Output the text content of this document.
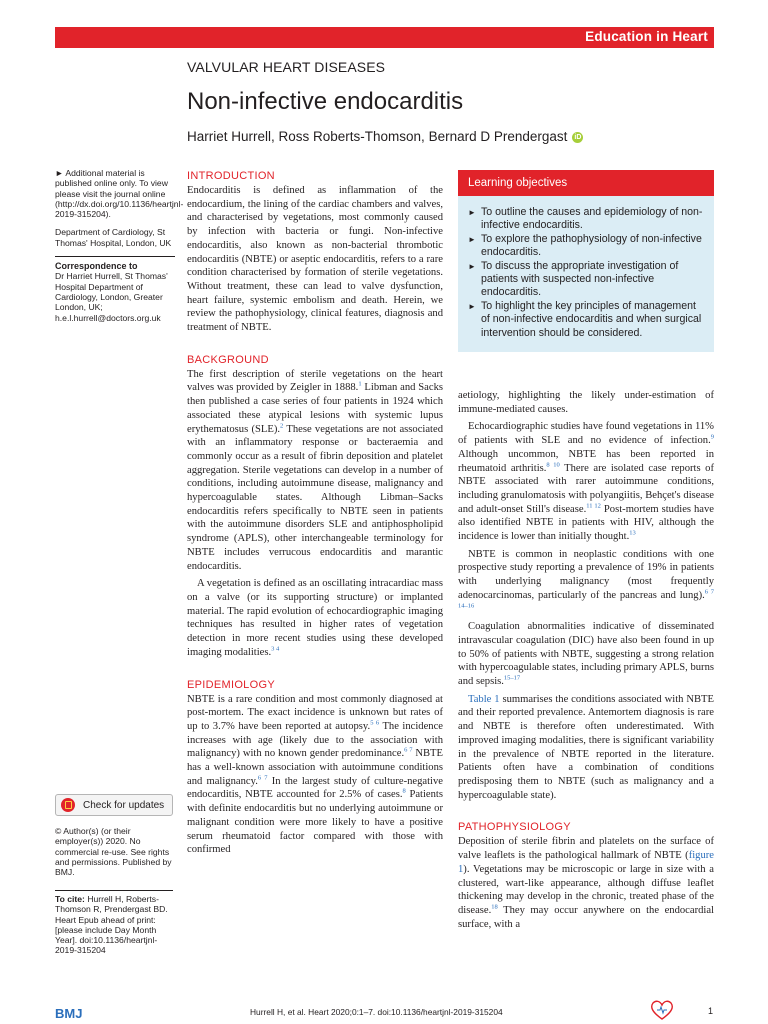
Education in Heart
VALVULAR HEART DISEASES
Non-infective endocarditis
Harriet Hurrell, Ross Roberts-Thomson, Bernard D Prendergast iD

► Additional material is published online only. To view please visit the journal online (http://dx.doi.org/10.1136/heartjnl-2019-315204).

Department of Cardiology, St Thomas' Hospital, London, UK

Correspondence to

Dr Harriet Hurrell, St Thomas' Hospital Department of Cardiology, London, Greater London, UK; h.e.l.hurrell@doctors.org.uk

Check for updates
© Author(s) (or their employer(s)) 2020. No commercial re-use. See rights and permissions. Published by BMJ.
To cite: Hurrell H, Roberts-Thomson R, Prendergast BD. Heart Epub ahead of print: [please include Day Month Year]. doi:10.1136/heartjnl-2019-315204
INTRODUCTION

Endocarditis is defined as inflammation of the endocardium, the lining of the cardiac chambers and valves, and characterised by vegetations, most commonly caused by infection with bacteria or fungi. Non-infective endocarditis, also known as non-bacterial thrombotic endocarditis (NBTE) or aseptic endocarditis, refers to a rare condition characterised by formation of sterile vegetations. Without treatment, these can lead to valve dysfunction, heart failure, systemic embolism and death. Herein, we review the pathophysiology, clinical features, diagnosis and treatment of NBTE.

BACKGROUND

The first description of sterile vegetations on the heart valves was provided by Zeigler in 1888.$^1$ Libman and Sacks then published a case series of four patients in 1924 which associated these atypical lesions with systemic lupus erythematosus (SLE).$^2$ These vegetations are not associated with an inflammatory response or bacteraemia and commonly occur as a result of fibrin deposition and platelet aggregation. Sterile vegetations can develop in a number of conditions, including autoimmune disease, malignancy and hypercoagulable states. Although Libman–Sacks endocarditis refers specifically to NBTE seen in patients with the autoimmune disorders SLE and antiphospholipid syndrome (APLS), other interchangeable terminology for NBTE includes verrucous endocarditis and marantic endocarditis.

A vegetation is defined as an oscillating intracardiac mass on a valve (or its supporting structure) or implanted material. The rapid evolution of echocardiographic imaging techniques has resulted in higher rates of vegetation detection in more recent studies using these developed imaging modalities.$^{3 4}$

EPIDEMIOLOGY

NBTE is a rare condition and most commonly diagnosed at post-mortem. The exact incidence is unknown but rates of up to 3.7% have been reported at autopsy.$^{5 6}$ The incidence increases with age (likely due to the association with malignancy) with no known gender predominance.$^{6 7}$ NBTE has a well-known association with autoimmune conditions and malignancy.$^{6 7}$ In the largest study of culture-negative endocarditis, NBTE accounted for 2.5% of cases.$^8$ Patients with definite endocarditis but no underlying autoimmune or malignant condition were more likely to have a positive serum rheumatoid factor compared with those with confirmed

Learning objectives
► To outline the causes and epidemiology of non-infective endocarditis.
► To explore the pathophysiology of non-infective endocarditis.
► To discuss the appropriate investigation of patients with suspected non-infective endocarditis.
► To highlight the key principles of management of non-infective endocarditis and when surgical intervention should be considered.

aetiology, highlighting the likely under-estimation of immune-mediated causes.

Echocardiographic studies have found vegetations in 11% of patients with SLE and no evidence of infection.$^9$ Although uncommon, NBTE has been reported in rheumatoid arthritis.$^{8 10}$ There are isolated case reports of NBTE associated with rarer autoimmune conditions, including granulomatosis with polyangiitis, Behçet's disease and adult-onset Still's disease.$^{11 12}$ Post-mortem studies have also identified NBTE in patients with HIV, although the incidence is lower than initially thought.$^{13}$

NBTE is common in neoplastic conditions with one prospective study reporting a prevalence of 19% in patients with underlying malignancy (most frequently adenocarcinomas, particularly of the pancreas and lung).$^{6 7 14-16}$

Coagulation abnormalities indicative of disseminated intravascular coagulation (DIC) have also been found in up to 50% of patients with NBTE, suggesting a strong relation with hypercoagulable states, including primary APLS, burns and sepsis.$^{15-17}$

Table 1 summarises the conditions associated with NBTE and their reported prevalence. Antemortem diagnosis is rare and NBTE is therefore often underestimated. With improved imaging modalities, there is significant variability in the prevalence of NBTE reported in the literature. Patients often have a combination of conditions predisposing them to NBTE (such as malignancy and a hypercoagulable state).

PATHOPHYSIOLOGY

Deposition of sterile fibrin and platelets on the surface of valve leaflets is the pathological hallmark of NBTE (figure 1). Vegetations may be microscopic or large in size with a clustered, wart-like appearance, although diffuse leaflet thickening may develop in the chronic, treated phase of the disease.$^{18}$ They may occur anywhere on the endocardial surface, with a

BMJ	Hurrell H, et al. Heart 2020;0:1–7. doi:10.1136/heartjnl-2019-315204	1
